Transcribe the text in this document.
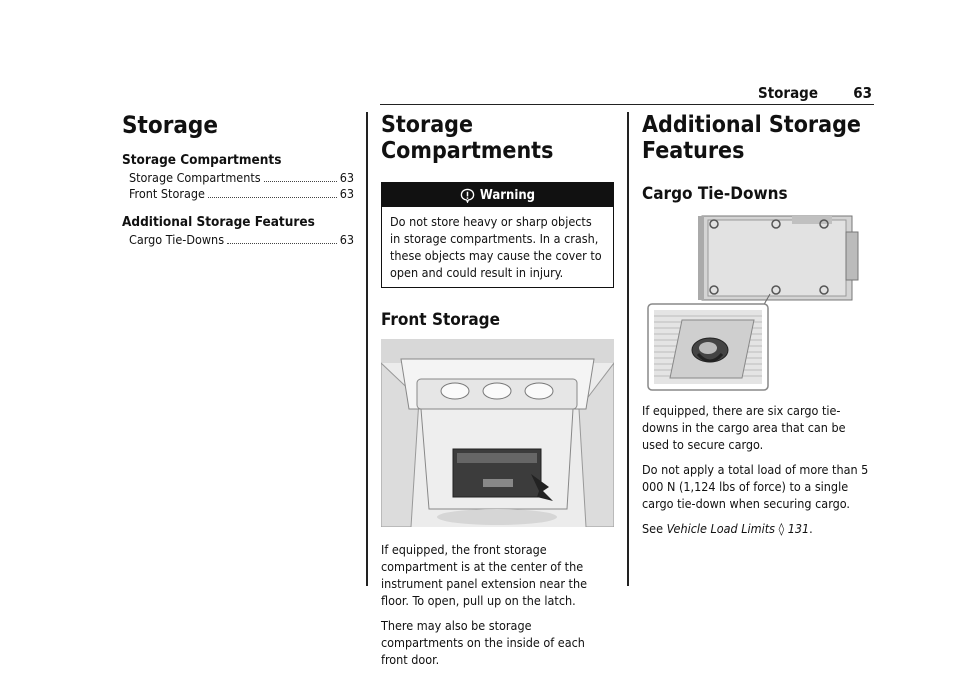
Storage 63
Storage
Storage Compartments
Storage Compartments	63
Front Storage	63
Additional Storage Features
Cargo Tie-Downs	63
Storage Compartments
Warning
Do not store heavy or sharp objects in storage compartments. In a crash, these objects may cause the cover to open and could result in injury.
Front Storage

If equipped, the front storage compartment is at the center of the instrument panel extension near the floor. To open, pull up on the latch.

There may also be storage compartments on the inside of each front door.

Additional Storage Features
Cargo Tie-Downs

If equipped, there are six cargo tie-downs in the cargo area that can be used to secure cargo.

Do not apply a total load of more than 5 000 N (1,124 lbs of force) to a single cargo tie-down when securing cargo.

See Vehicle Load Limits ◊ 131.
